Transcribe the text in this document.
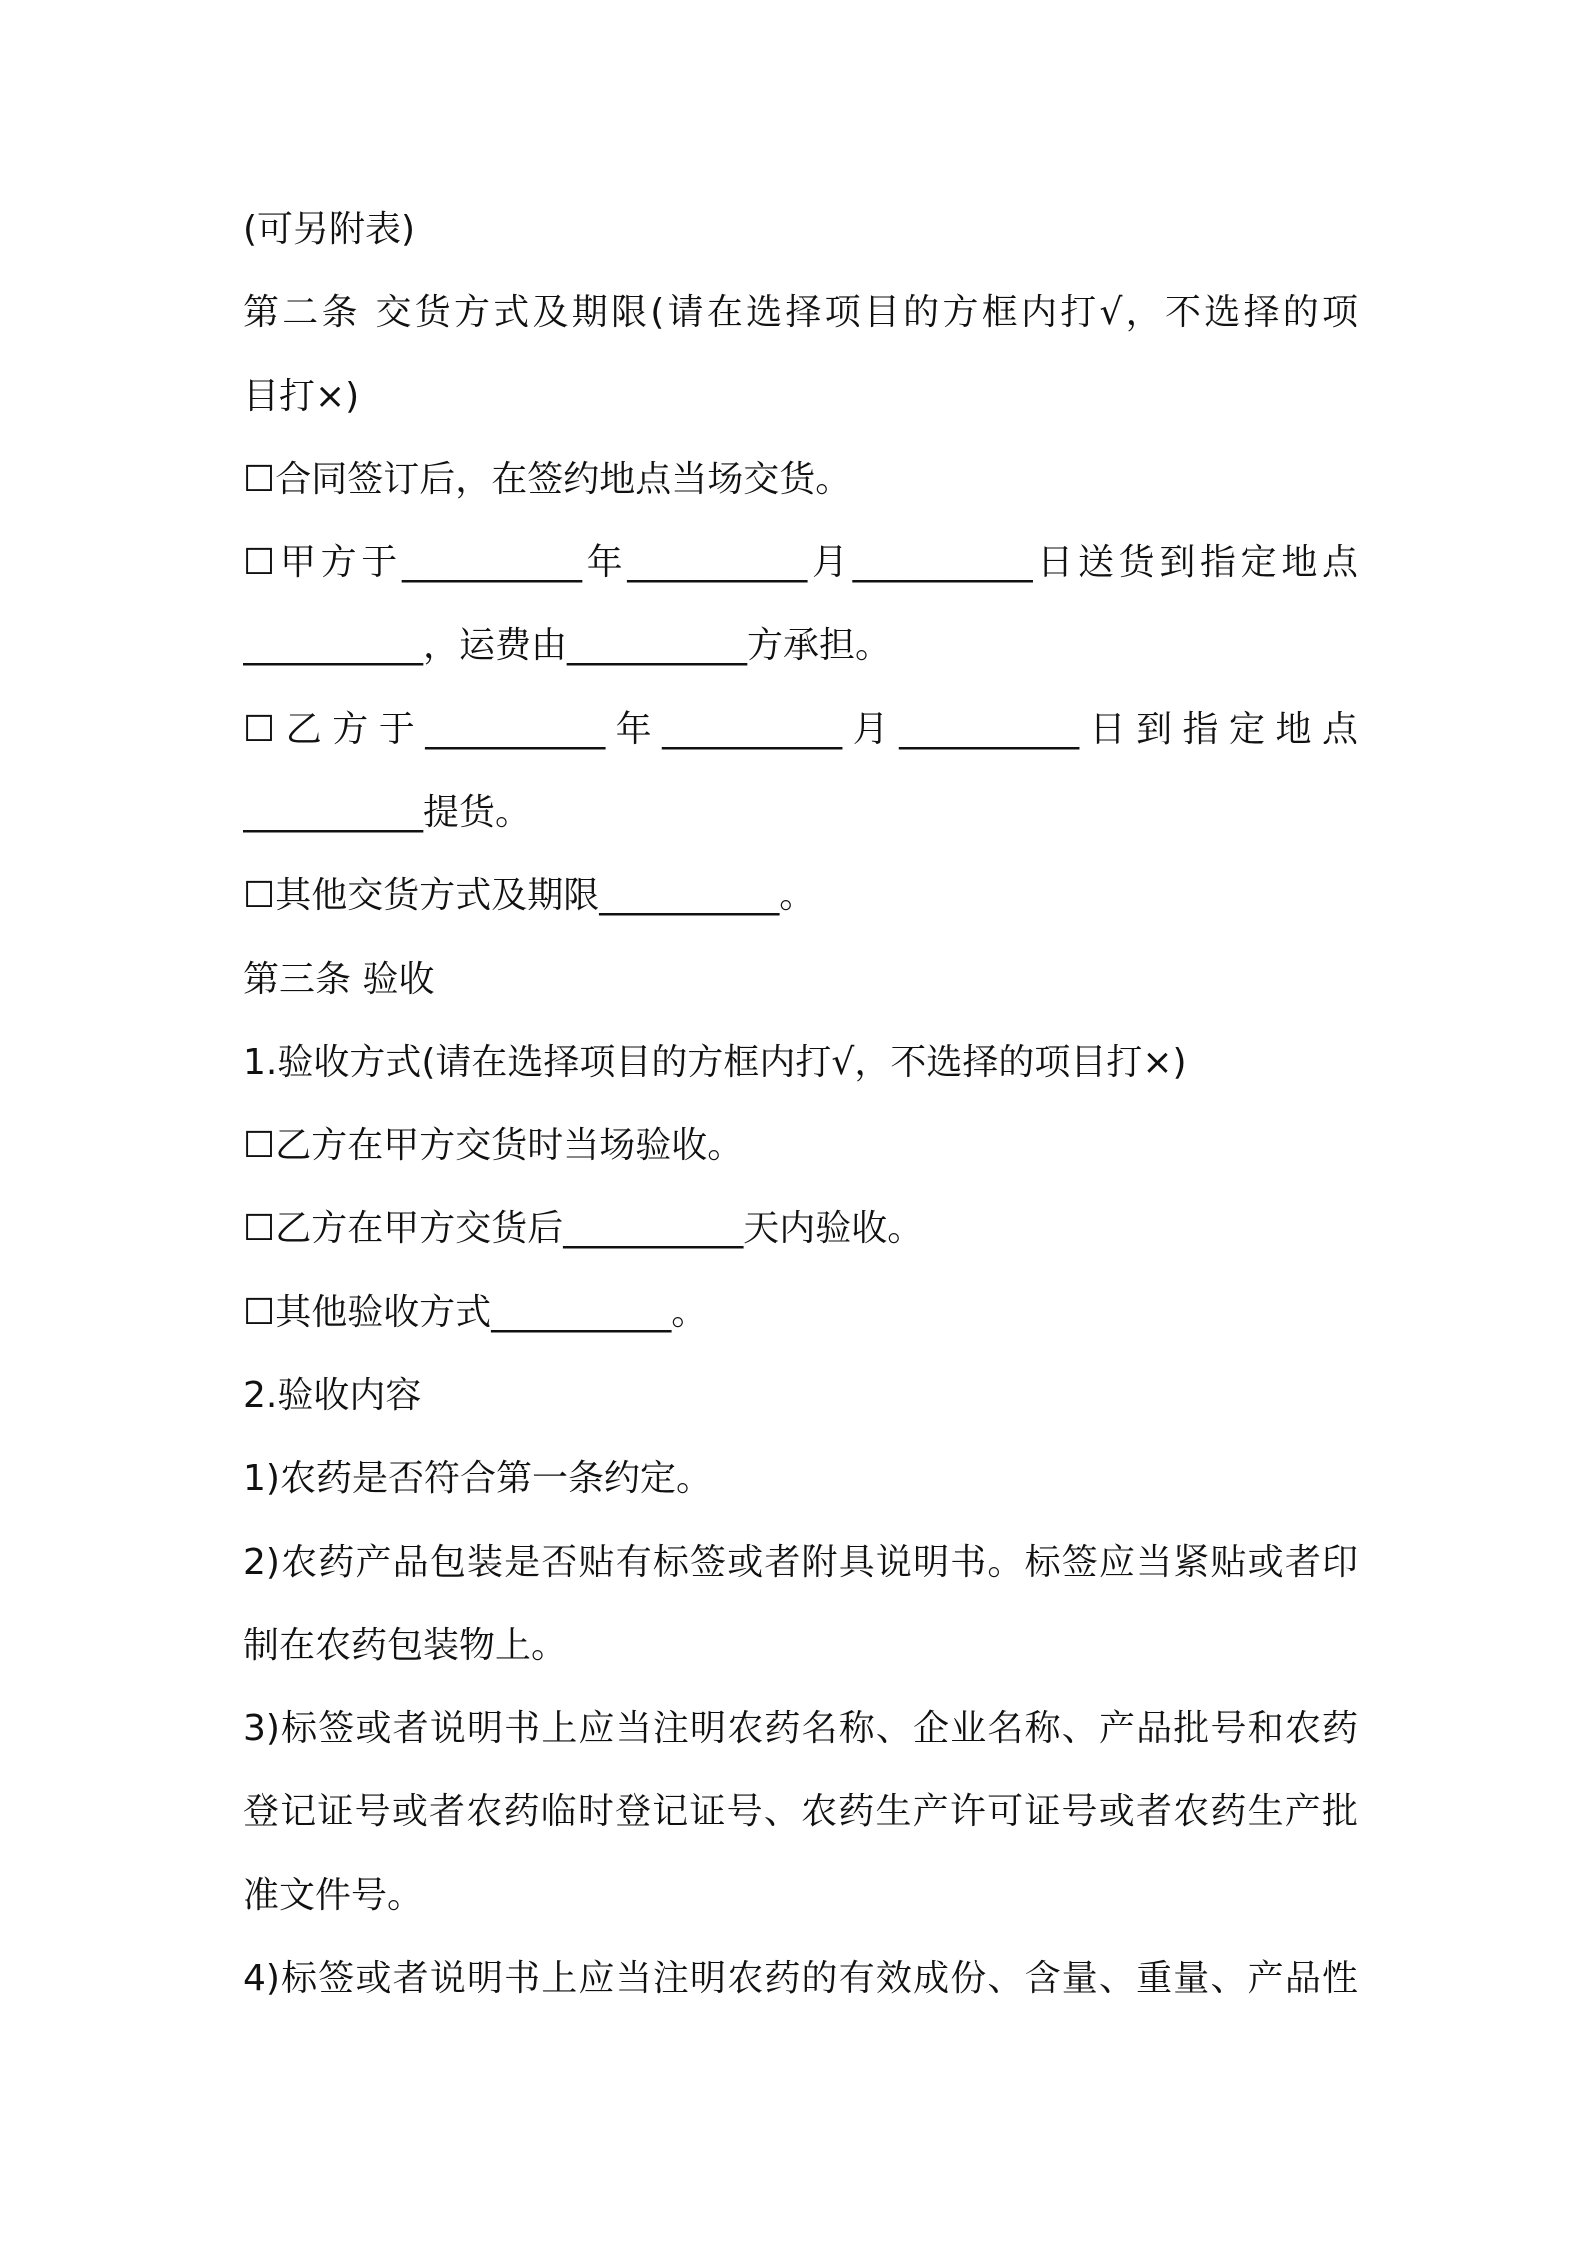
(可另附表)
第二条 交货方式及期限(请在选择项目的方框内打√，不选择的项
目打×)
☐合同签订后，在签约地点当场交货。
☐甲方于__________年__________月__________日送货到指定地点
__________，运费由__________方承担。
☐乙方于__________年__________月__________日到指定地点
__________提货。
☐其他交货方式及期限__________。
第三条 验收
1.验收方式(请在选择项目的方框内打√，不选择的项目打×)
☐乙方在甲方交货时当场验收。
☐乙方在甲方交货后__________天内验收。
☐其他验收方式__________。
2.验收内容
1)农药是否符合第一条约定。
2)农药产品包装是否贴有标签或者附具说明书。标签应当紧贴或者印
制在农药包装物上。
3)标签或者说明书上应当注明农药名称、企业名称、产品批号和农药
登记证号或者农药临时登记证号、农药生产许可证号或者农药生产批
准文件号。
4)标签或者说明书上应当注明农药的有效成份、含量、重量、产品性
